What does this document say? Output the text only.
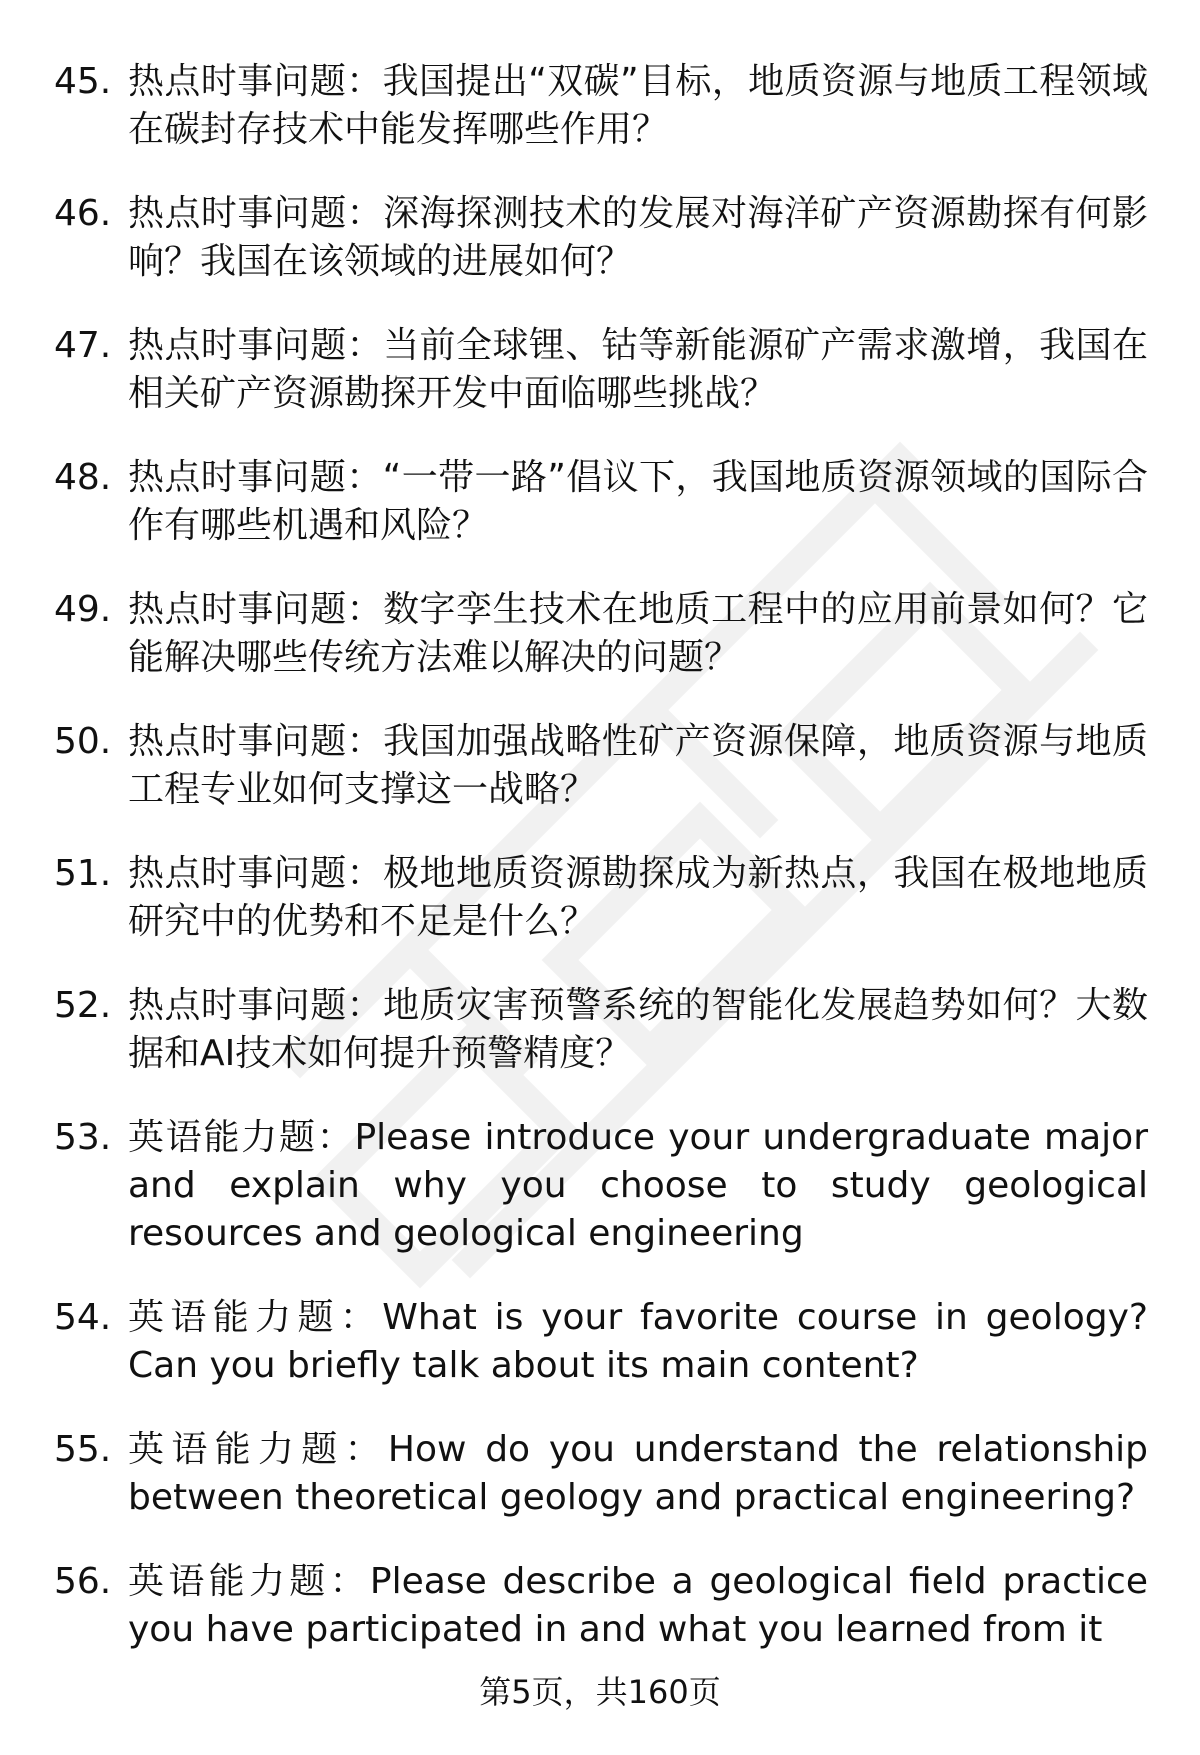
45. 热点时事问题：我国提出“双碳”目标，地质资源与地质工程领域在碳封存技术中能发挥哪些作用？
46. 热点时事问题：深海探测技术的发展对海洋矿产资源勘探有何影响？我国在该领域的进展如何？
47. 热点时事问题：当前全球锂、钴等新能源矿产需求激增，我国在相关矿产资源勘探开发中面临哪些挑战？
48. 热点时事问题：“一带一路”倡议下，我国地质资源领域的国际合作有哪些机遇和风险？
49. 热点时事问题：数字孪生技术在地质工程中的应用前景如何？它能解决哪些传统方法难以解决的问题？
50. 热点时事问题：我国加强战略性矿产资源保障，地质资源与地质工程专业如何支撑这一战略？
51. 热点时事问题：极地地质资源勘探成为新热点，我国在极地地质研究中的优势和不足是什么？
52. 热点时事问题：地质灾害预警系统的智能化发展趋势如何？大数据和AI技术如何提升预警精度？
53. 英语能力题：Please introduce your undergraduate major and explain why you choose to study geological resources and geological engineering
54. 英语能力题：What is your favorite course in geology? Can you briefly talk about its main content?
55. 英语能力题：How do you understand the relationship between theoretical geology and practical engineering?
56. 英语能力题：Please describe a geological field practice you have participated in and what you learned from it
第5页，共160页
